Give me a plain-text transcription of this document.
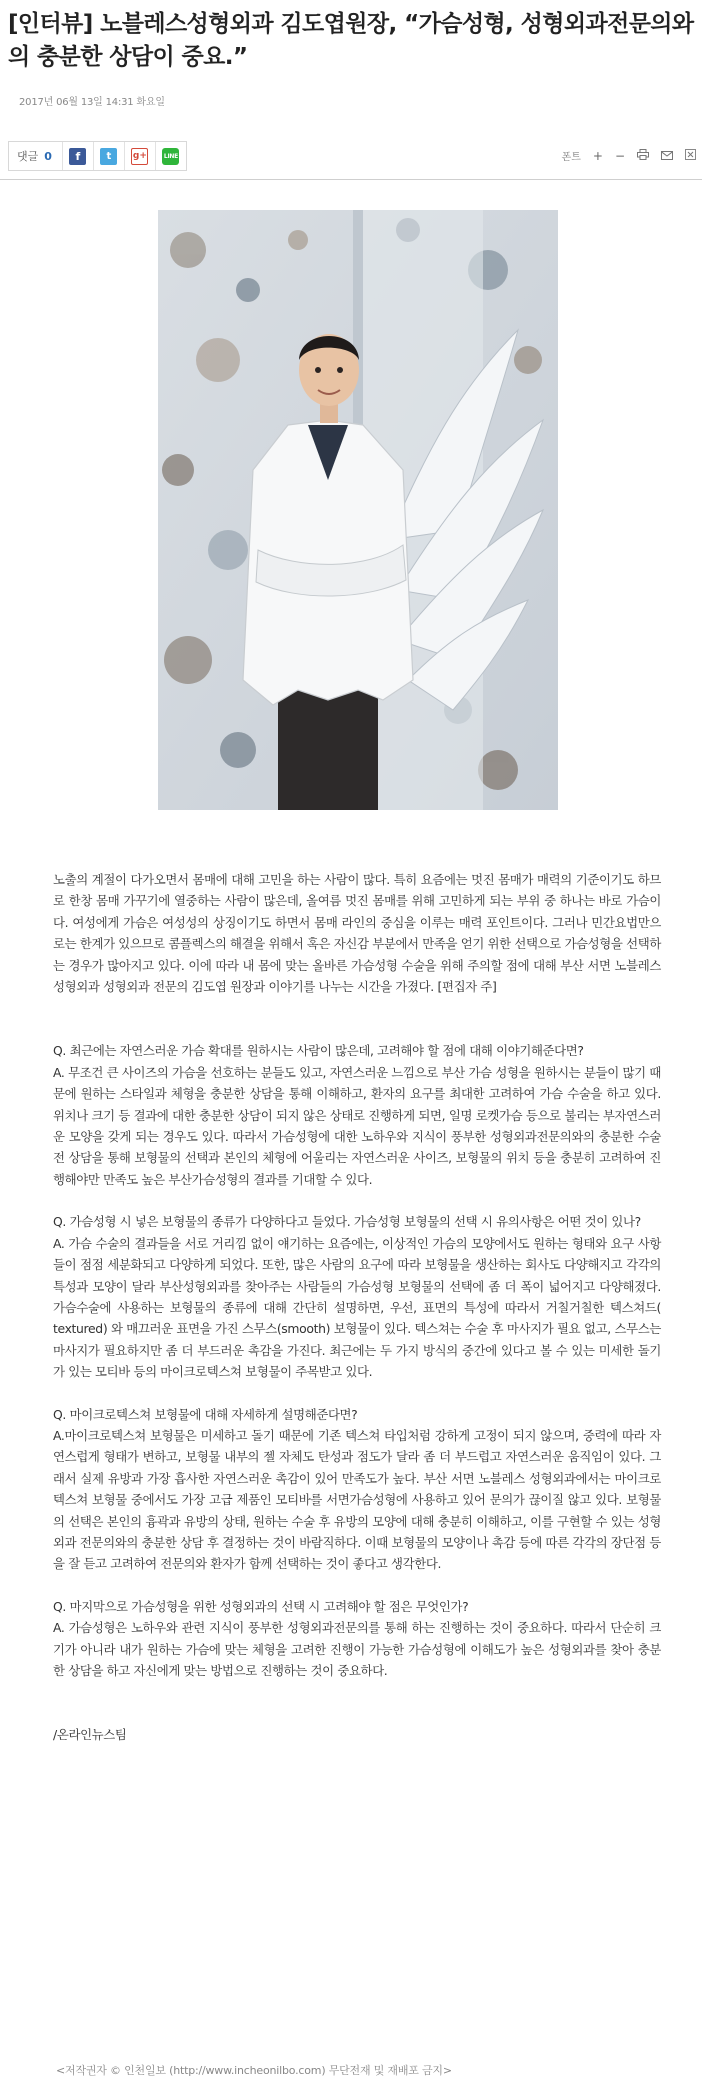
[인터뷰] 노블레스성형외과 김도엽원장, “가슴성형, 성형외과전문의와의 충분한 상담이 중요.”
2017년 06월 13일 14:31 화요일
댓글 0	f	t	g+	LINE	폰트 + −

노출의 계절이 다가오면서 몸매에 대해 고민을 하는 사람이 많다. 특히 요즘에는 멋진 몸매가 매력의 기준이기도 하므로 한창 몸매 가꾸기에 열중하는 사람이 많은데, 올여름 멋진 몸매를 위해 고민하게 되는 부위 중 하나는 바로 가슴이다. 여성에게 가슴은 여성성의 상징이기도 하면서 몸매 라인의 중심을 이루는 매력 포인트이다. 그러나 민간요법만으로는 한계가 있으므로 콤플렉스의 해결을 위해서 혹은 자신감 부분에서 만족을 얻기 위한 선택으로 가슴성형을 선택하는 경우가 많아지고 있다. 이에 따라 내 몸에 맞는 올바른 가슴성형 수술을 위해 주의할 점에 대해 부산 서면 노블레스성형외과 성형외과 전문의 김도엽 원장과 이야기를 나누는 시간을 가졌다. [편집자 주]

Q. 최근에는 자연스러운 가슴 확대를 원하시는 사람이 많은데, 고려해야 할 점에 대해 이야기해준다면?

A. 무조건 큰 사이즈의 가슴을 선호하는 분들도 있고, 자연스러운 느낌으로 부산 가슴 성형을 원하시는 분들이 많기 때문에 원하는 스타일과 체형을 충분한 상담을 통해 이해하고, 환자의 요구를 최대한 고려하여 가슴 수술을 하고 있다. 위치나 크기 등 결과에 대한 충분한 상담이 되지 않은 상태로 진행하게 되면, 일명 로켓가슴 등으로 불리는 부자연스러운 모양을 갖게 되는 경우도 있다. 따라서 가슴성형에 대한 노하우와 지식이 풍부한 성형외과전문의와의 충분한 수술 전 상담을 통해 보형물의 선택과 본인의 체형에 어울리는 자연스러운 사이즈, 보형물의 위치 등을 충분히 고려하여 진행해야만 만족도 높은 부산가슴성형의 결과를 기대할 수 있다.

Q. 가슴성형 시 넣은 보형물의 종류가 다양하다고 들었다. 가슴성형 보형물의 선택 시 유의사항은 어떤 것이 있나?

A. 가슴 수술의 결과들을 서로 거리낌 없이 얘기하는 요즘에는, 이상적인 가슴의 모양에서도 원하는 형태와 요구 사항들이 점점 세분화되고 다양하게 되었다. 또한, 많은 사람의 요구에 따라 보형물을 생산하는 회사도 다양해지고 각각의 특성과 모양이 달라 부산성형외과를 찾아주는 사람들의 가슴성형 보형물의 선택에 좀 더 폭이 넓어지고 다양해졌다. 가슴수술에 사용하는 보형물의 종류에 대해 간단히 설명하면, 우선, 표면의 특성에 따라서 거칠거칠한 텍스쳐드( textured) 와 매끄러운 표면을 가진 스무스(smooth) 보형물이 있다. 텍스쳐는 수술 후 마사지가 필요 없고, 스무스는 마사지가 필요하지만 좀 더 부드러운 촉감을 가진다. 최근에는 두 가지 방식의 중간에 있다고 볼 수 있는 미세한 돌기가 있는 모티바 등의 마이크로텍스쳐 보형물이 주목받고 있다.

Q. 마이크로텍스쳐 보형물에 대해 자세하게 설명해준다면?

A.마이크로텍스쳐 보형물은 미세하고 돌기 때문에 기존 텍스쳐 타입처럼 강하게 고정이 되지 않으며, 중력에 따라 자연스럽게 형태가 변하고, 보형물 내부의 젤 자체도 탄성과 점도가 달라 좀 더 부드럽고 자연스러운 움직임이 있다. 그래서 실제 유방과 가장 흡사한 자연스러운 촉감이 있어 만족도가 높다. 부산 서면 노블레스 성형외과에서는 마이크로 텍스쳐 보형물 중에서도 가장 고급 제품인 모티바를 서면가슴성형에 사용하고 있어 문의가 끊이질 않고 있다. 보형물의 선택은 본인의 흉곽과 유방의 상태, 원하는 수술 후 유방의 모양에 대해 충분히 이해하고, 이를 구현할 수 있는 성형외과 전문의와의 충분한 상담 후 결정하는 것이 바람직하다. 이때 보형물의 모양이나 촉감 등에 따른 각각의 장단점 등을 잘 듣고 고려하여 전문의와 환자가 함께 선택하는 것이 좋다고 생각한다.

Q. 마지막으로 가슴성형을 위한 성형외과의 선택 시 고려해야 할 점은 무엇인가?

A. 가슴성형은 노하우와 관련 지식이 풍부한 성형외과전문의를 통해 하는 진행하는 것이 중요하다. 따라서 단순히 크기가 아니라 내가 원하는 가슴에 맞는 체형을 고려한 진행이 가능한 가슴성형에 이해도가 높은 성형외과를 찾아 충분한 상담을 하고 자신에게 맞는 방법으로 진행하는 것이 중요하다.

/온라인뉴스팀

<저작권자 © 인천일보 (http://www.incheonilbo.com) 무단전재 및 재배포 금지>
